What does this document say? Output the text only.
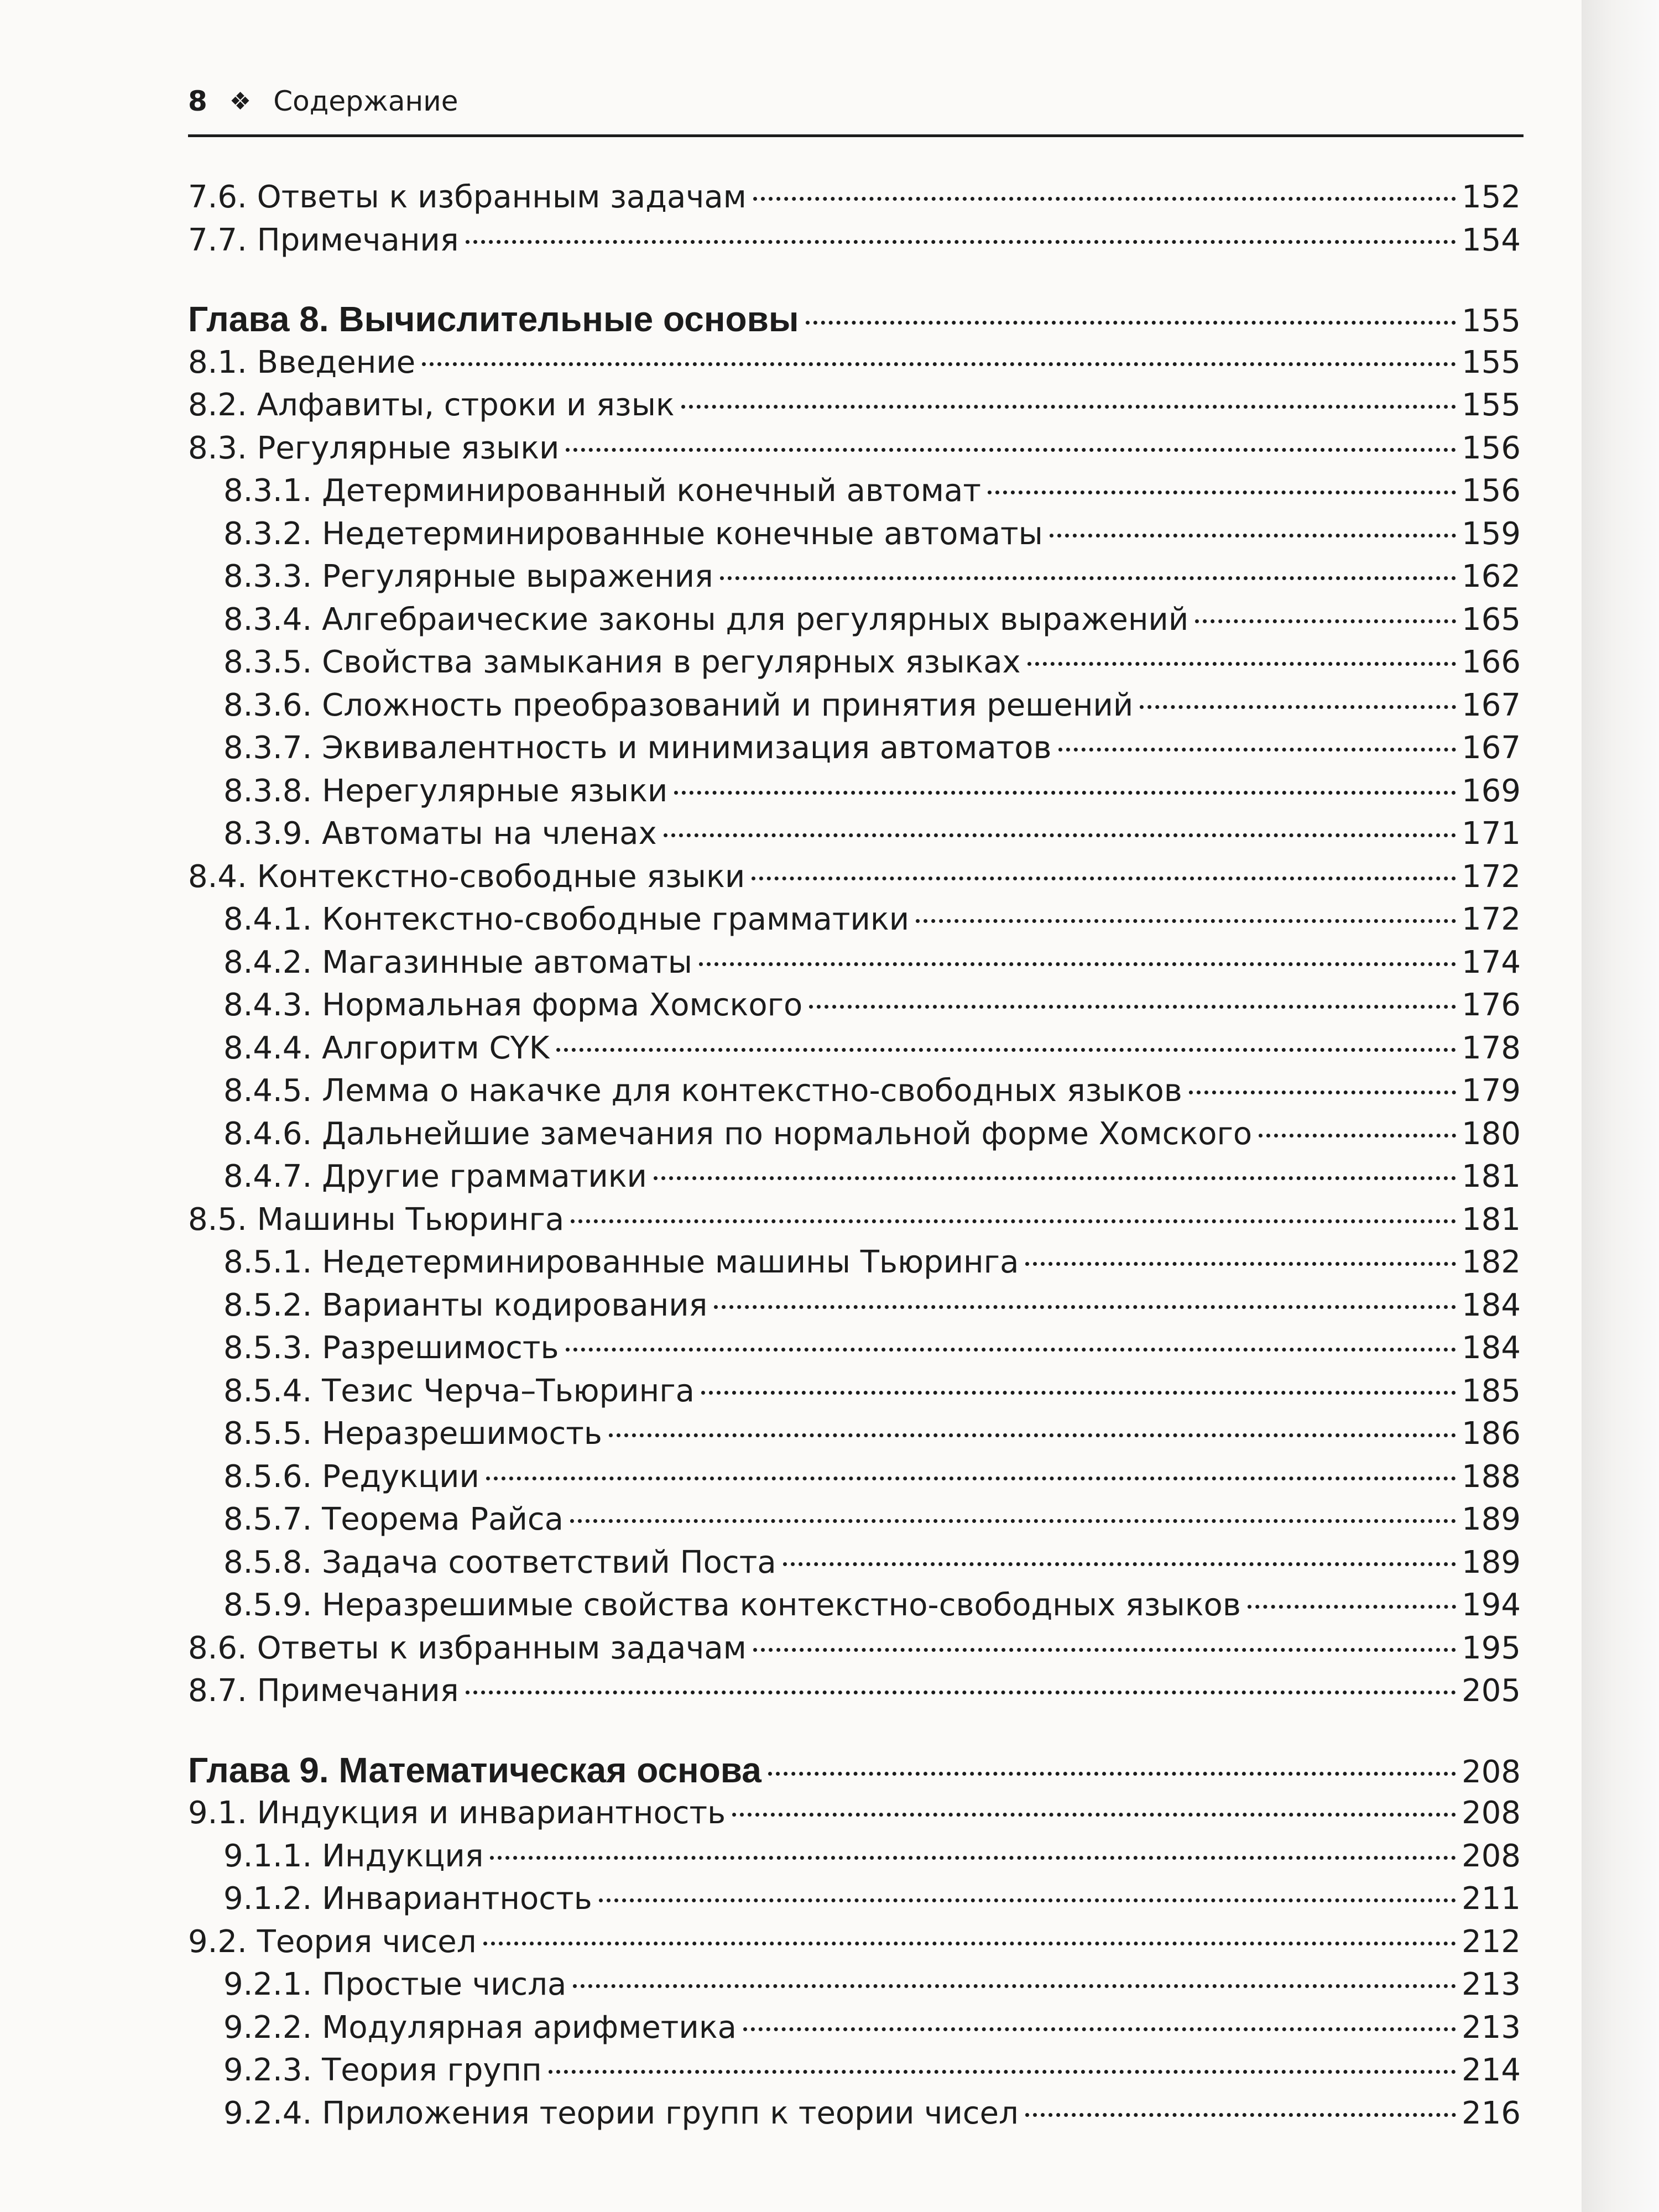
8 ❖ Содержание
7.6. Ответы к избранным задачам	152
7.7. Примечания	154
Глава 8. Вычислительные основы	155
8.1. Введение	155
8.2. Алфавиты, строки и язык	155
8.3. Регулярные языки	156
8.3.1. Детерминированный конечный автомат	156
8.3.2. Недетерминированные конечные автоматы	159
8.3.3. Регулярные выражения	162
8.3.4. Алгебраические законы для регулярных выражений	165
8.3.5. Свойства замыкания в регулярных языках	166
8.3.6. Сложность преобразований и принятия решений	167
8.3.7. Эквивалентность и минимизация автоматов	167
8.3.8. Нерегулярные языки	169
8.3.9. Автоматы на членах	171
8.4. Контекстно-свободные языки	172
8.4.1. Контекстно-свободные грамматики	172
8.4.2. Магазинные автоматы	174
8.4.3. Нормальная форма Хомского	176
8.4.4. Алгоритм CYK	178
8.4.5. Лемма о накачке для контекстно-свободных языков	179
8.4.6. Дальнейшие замечания по нормальной форме Хомского	180
8.4.7. Другие грамматики	181
8.5. Машины Тьюринга	181
8.5.1. Недетерминированные машины Тьюринга	182
8.5.2. Варианты кодирования	184
8.5.3. Разрешимость	184
8.5.4. Тезис Черча–Тьюринга	185
8.5.5. Неразрешимость	186
8.5.6. Редукции	188
8.5.7. Теорема Райса	189
8.5.8. Задача соответствий Поста	189
8.5.9. Неразрешимые свойства контекстно-свободных языков	194
8.6. Ответы к избранным задачам	195
8.7. Примечания	205
Глава 9. Математическая основа	208
9.1. Индукция и инвариантность	208
9.1.1. Индукция	208
9.1.2. Инвариантность	211
9.2. Теория чисел	212
9.2.1. Простые числа	213
9.2.2. Модулярная арифметика	213
9.2.3. Теория групп	214
9.2.4. Приложения теории групп к теории чисел	216
